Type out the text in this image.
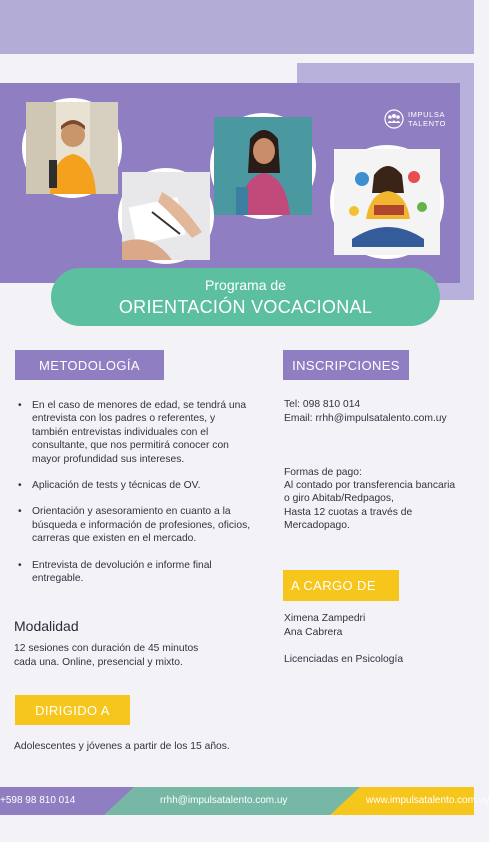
IMPULSA
TALENTO
Programa de
ORIENTACIÓN VOCACIONAL
METODOLOGÍA
• En el caso de menores de edad, se tendrá una entrevista con los padres o referentes, y también entrevistas individuales con el consultante, que nos permitirá conocer con mayor profundidad sus intereses.
• Aplicación de tests y técnicas de OV.
• Orientación y asesoramiento en cuanto a la búsqueda e información de profesiones, oficios, carreras que existen en el mercado.
• Entrevista de devolución e informe final entregable.
Modalidad
12 sesiones con duración de 45 minutos
cada una. Online, presencial y mixto.
DIRIGIDO A
Adolescentes y jóvenes a partir de los 15 años.
INSCRIPCIONES
Tel: 098 810 014
Email: rrhh@impulsatalento.com.uy
Formas de pago:
Al contado por transferencia bancaria
o giro Abitab/Redpagos,
Hasta 12 cuotas a través de
Mercadopago.
A CARGO DE
Ximena Zampedri
Ana Cabrera
Licenciadas en Psicología
+598 98 810 014	rrhh@impulsatalento.com.uy	www.impulsatalento.com.uy
